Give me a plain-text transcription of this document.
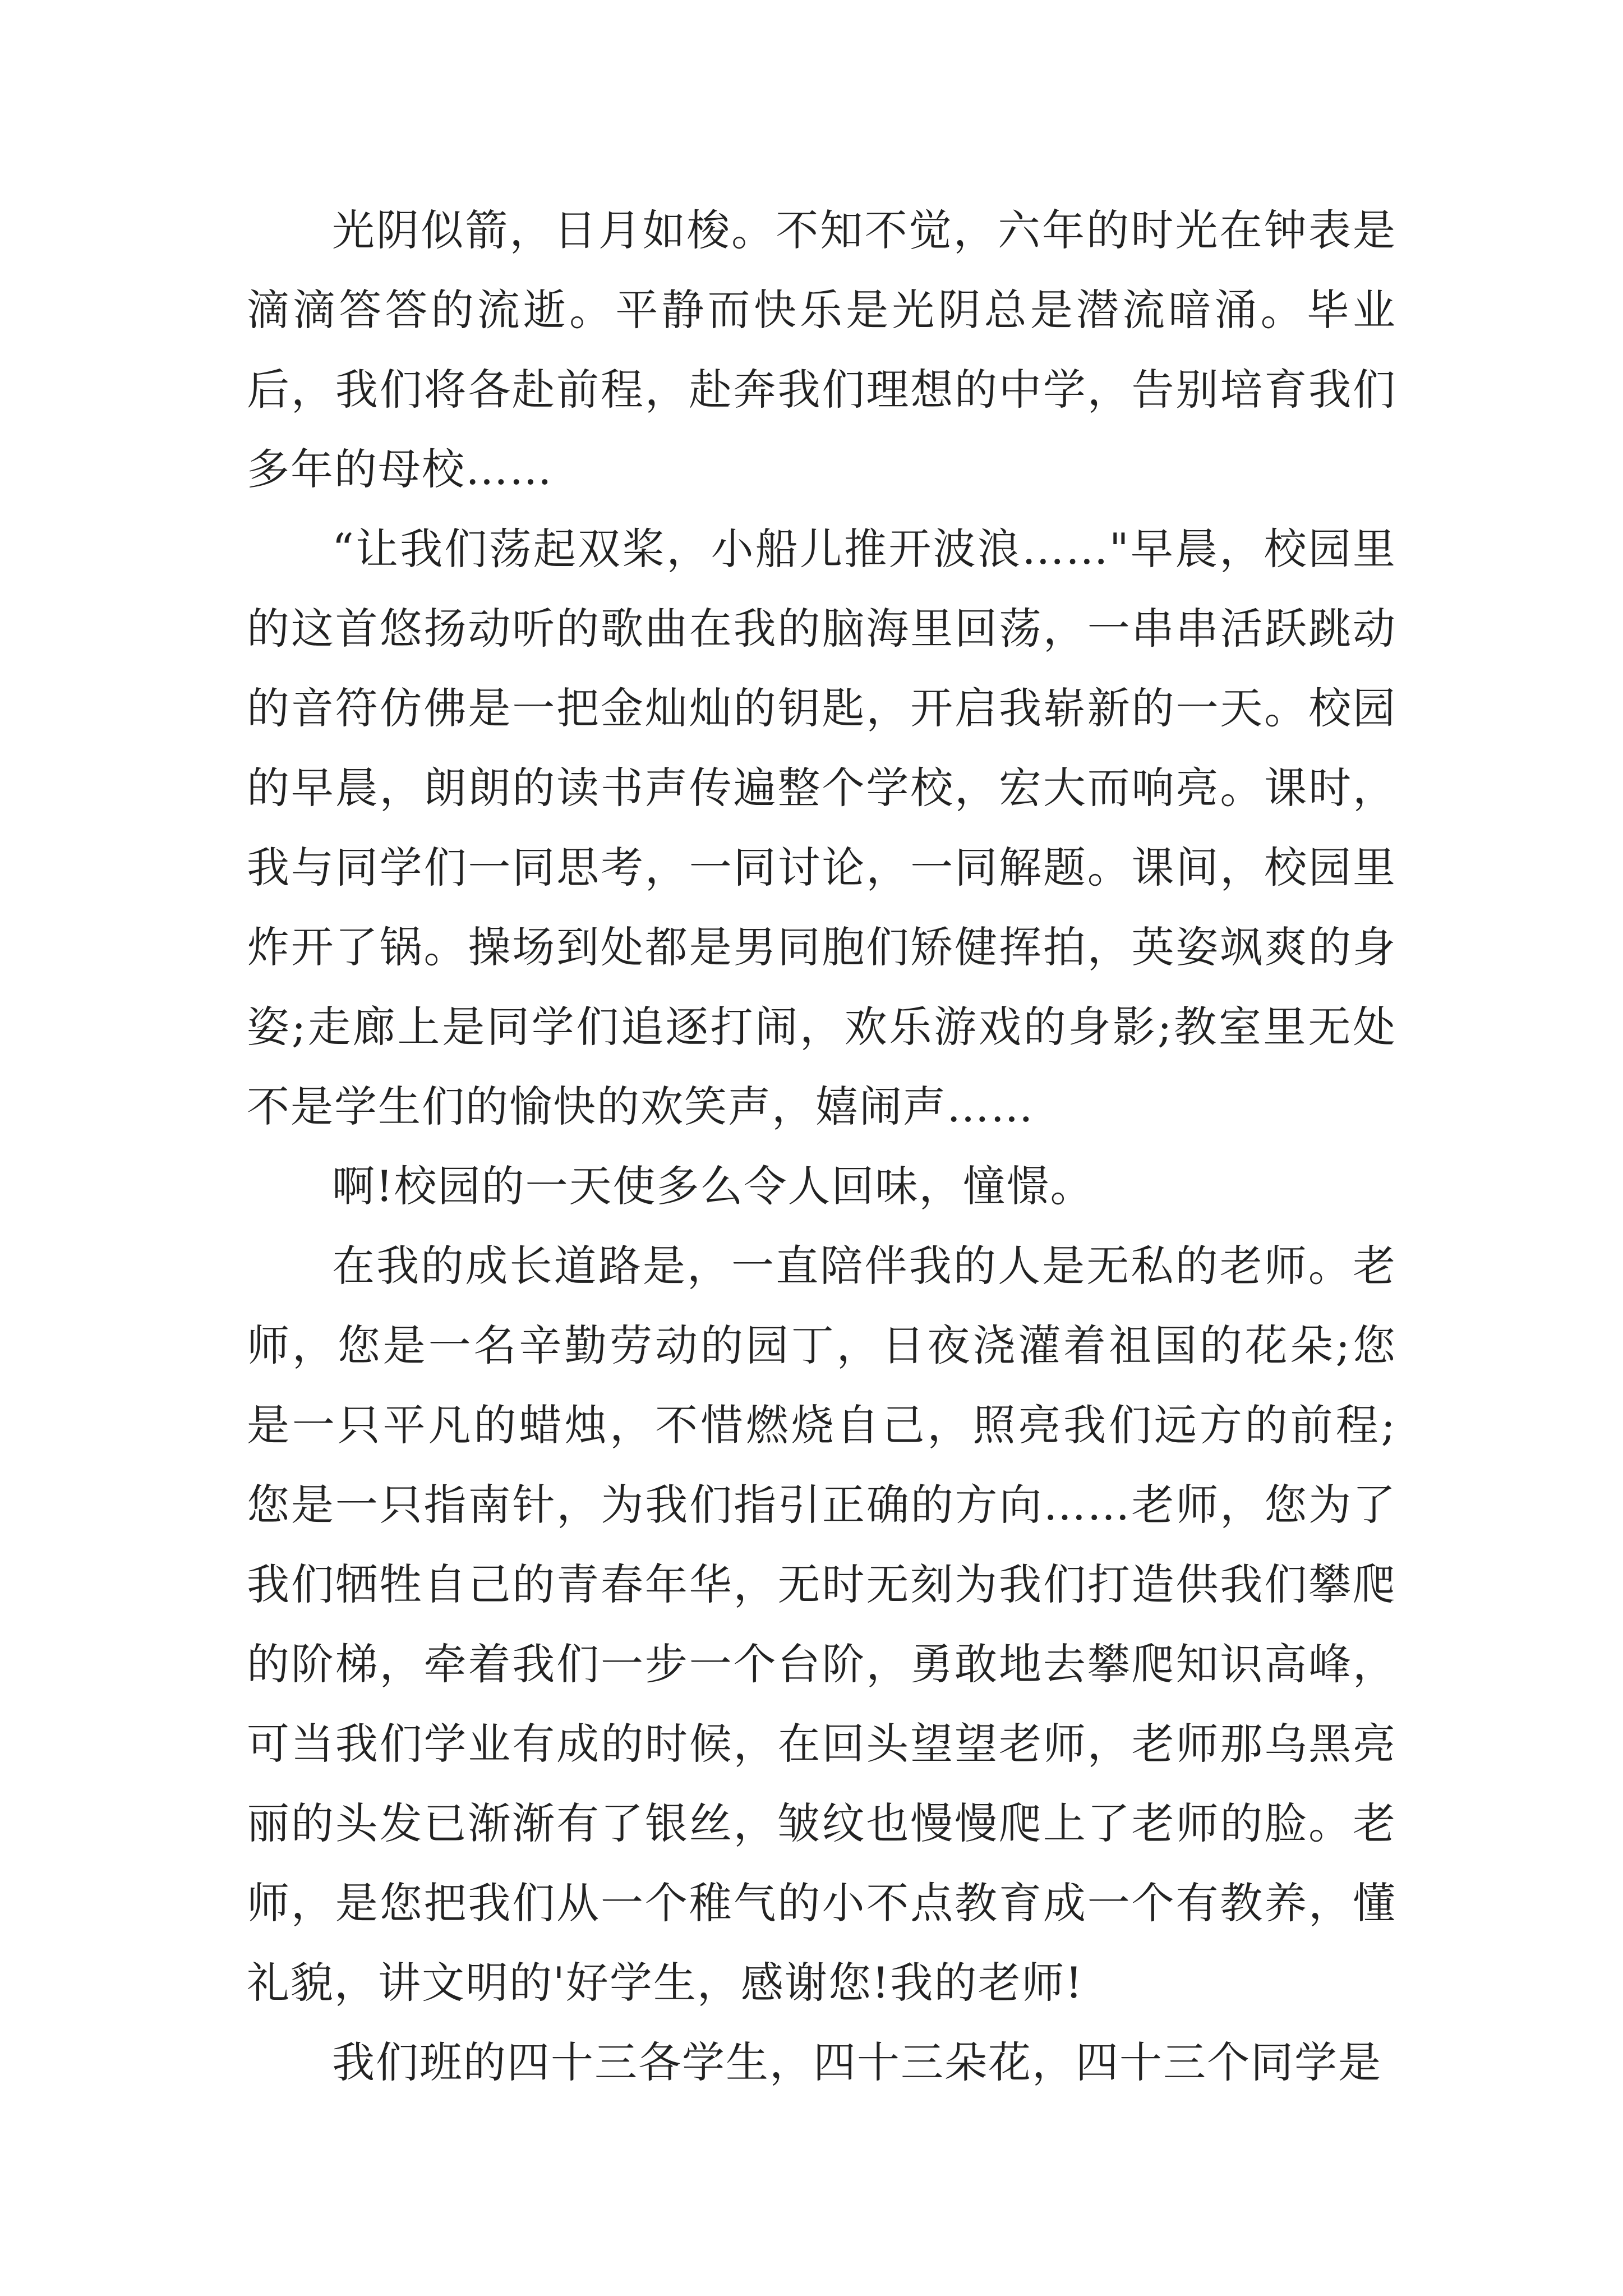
光阴似箭，日月如梭。不知不觉，六年的时光在钟表是滴滴答答的流逝。平静而快乐是光阴总是潜流暗涌。毕业后，我们将各赴前程，赴奔我们理想的中学，告别培育我们多年的母校……

“让我们荡起双桨，小船儿推开波浪……"早晨，校园里的这首悠扬动听的歌曲在我的脑海里回荡，一串串活跃跳动的音符仿佛是一把金灿灿的钥匙，开启我崭新的一天。校园的早晨，朗朗的读书声传遍整个学校，宏大而响亮。课时，我与同学们一同思考，一同讨论，一同解题。课间，校园里炸开了锅。操场到处都是男同胞们矫健挥拍，英姿飒爽的身姿;走廊上是同学们追逐打闹，欢乐游戏的身影;教室里无处不是学生们的愉快的欢笑声，嬉闹声……

啊!校园的一天使多么令人回味，憧憬。

在我的成长道路是，一直陪伴我的人是无私的老师。老师，您是一名辛勤劳动的园丁，日夜浇灌着祖国的花朵;您是一只平凡的蜡烛，不惜燃烧自己，照亮我们远方的前程;您是一只指南针，为我们指引正确的方向……老师，您为了我们牺牲自己的青春年华，无时无刻为我们打造供我们攀爬的阶梯，牵着我们一步一个台阶，勇敢地去攀爬知识高峰，可当我们学业有成的时候，在回头望望老师，老师那乌黑亮丽的头发已渐渐有了银丝，皱纹也慢慢爬上了老师的脸。老师，是您把我们从一个稚气的小不点教育成一个有教养，懂礼貌，讲文明的'好学生，感谢您!我的老师!

我们班的四十三各学生，四十三朵花，四十三个同学是
